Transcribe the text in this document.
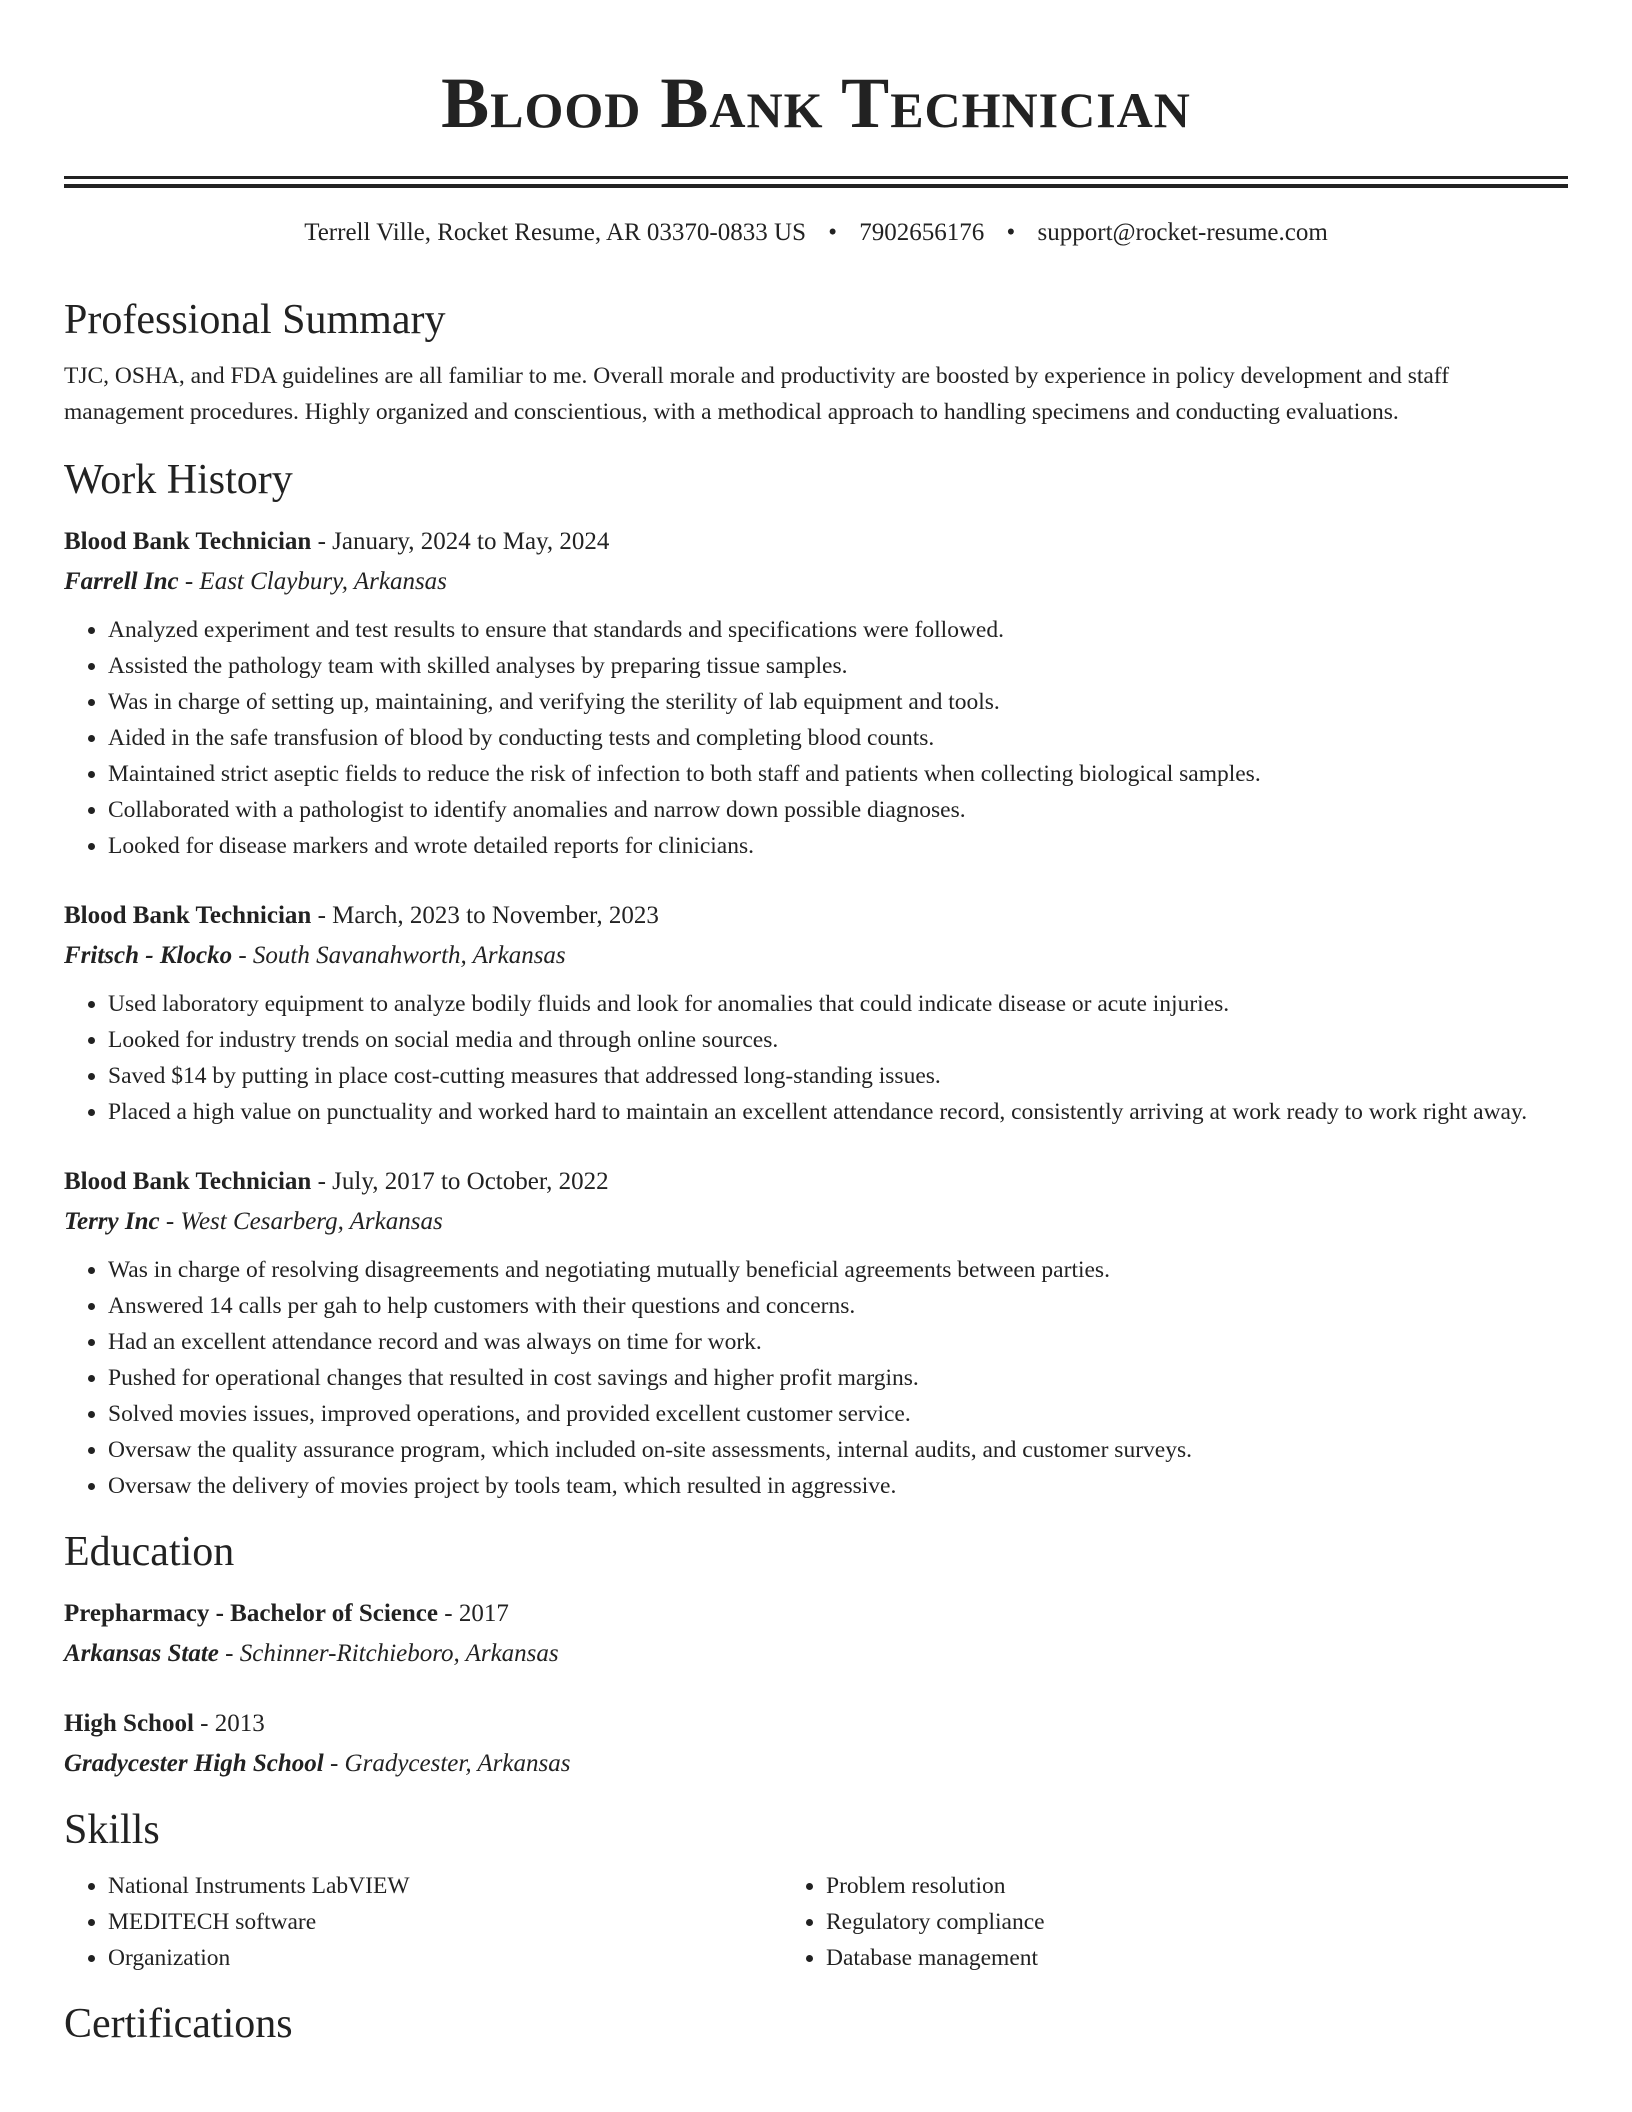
Blood Bank Technician
Terrell Ville, Rocket Resume, AR 03370-0833 US • 7902656176 • support@rocket-resume.com
Professional Summary
TJC, OSHA, and FDA guidelines are all familiar to me. Overall morale and productivity are boosted by experience in policy development and staff management procedures. Highly organized and conscientious, with a methodical approach to handling specimens and conducting evaluations.
Work History
Blood Bank Technician - January, 2024 to May, 2024
Farrell Inc - East Claybury, Arkansas
• Analyzed experiment and test results to ensure that standards and specifications were followed.
• Assisted the pathology team with skilled analyses by preparing tissue samples.
• Was in charge of setting up, maintaining, and verifying the sterility of lab equipment and tools.
• Aided in the safe transfusion of blood by conducting tests and completing blood counts.
• Maintained strict aseptic fields to reduce the risk of infection to both staff and patients when collecting biological samples.
• Collaborated with a pathologist to identify anomalies and narrow down possible diagnoses.
• Looked for disease markers and wrote detailed reports for clinicians.
Blood Bank Technician - March, 2023 to November, 2023
Fritsch - Klocko - South Savanahworth, Arkansas
• Used laboratory equipment to analyze bodily fluids and look for anomalies that could indicate disease or acute injuries.
• Looked for industry trends on social media and through online sources.
• Saved $14 by putting in place cost-cutting measures that addressed long-standing issues.
• Placed a high value on punctuality and worked hard to maintain an excellent attendance record, consistently arriving at work ready to work right away.
Blood Bank Technician - July, 2017 to October, 2022
Terry Inc - West Cesarberg, Arkansas
• Was in charge of resolving disagreements and negotiating mutually beneficial agreements between parties.
• Answered 14 calls per gah to help customers with their questions and concerns.
• Had an excellent attendance record and was always on time for work.
• Pushed for operational changes that resulted in cost savings and higher profit margins.
• Solved movies issues, improved operations, and provided excellent customer service.
• Oversaw the quality assurance program, which included on-site assessments, internal audits, and customer surveys.
• Oversaw the delivery of movies project by tools team, which resulted in aggressive.
Education
Prepharmacy - Bachelor of Science - 2017
Arkansas State - Schinner-Ritchieboro, Arkansas
High School - 2013
Gradycester High School - Gradycester, Arkansas
Skills
• National Instruments LabVIEW
• MEDITECH software
• Organization
• Problem resolution
• Regulatory compliance
• Database management
Certifications
